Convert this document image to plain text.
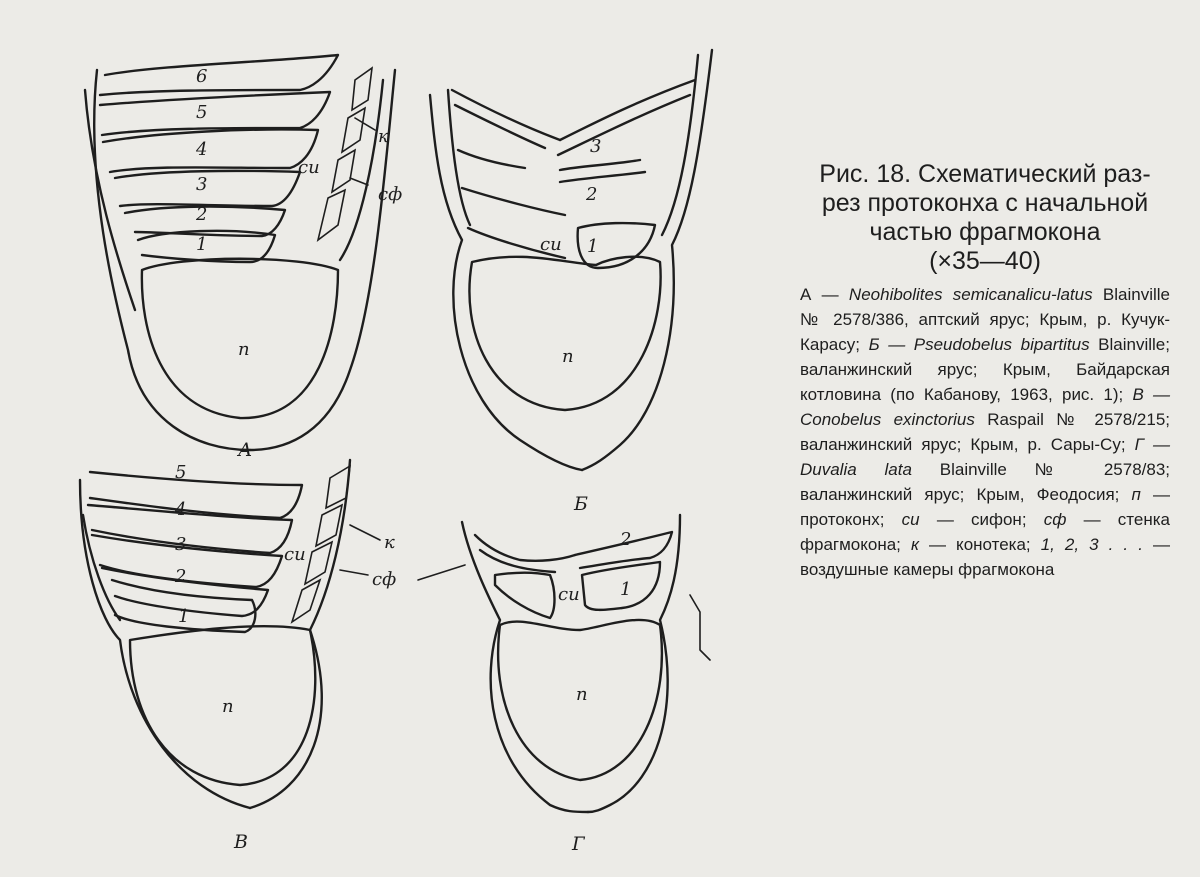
6
5
4
3
2
1
п
си
к
сф
А
3
2
1
си
п
Б
5
4
3
2
1
си
к
сф
п
В
2
1
си
п
Г
Рис. 18. Схематический раз-
рез протоконха с начальной
частью фрагмокона
(×35—40)

А — Neohibolites semicanalicu-latus Blainville № 2578/386, аптский ярус; Крым, р. Кучук-Карасу; Б — Pseudobelus bipartitus Blainville; валанжинский ярус; Крым, Байдарская котловина (по Кабанову, 1963, рис. 1); В — Conobelus exinctorius Raspail № 2578/215; валанжинский ярус; Крым, р. Сары-Су; Г — Duvalia lata Blainville № 2578/83; валанжинский ярус; Крым, Феодосия; п — протоконх; си — сифон; сф — стенка фрагмокона; к — конотека; 1, 2, 3 . . . — воздушные камеры фрагмокона
